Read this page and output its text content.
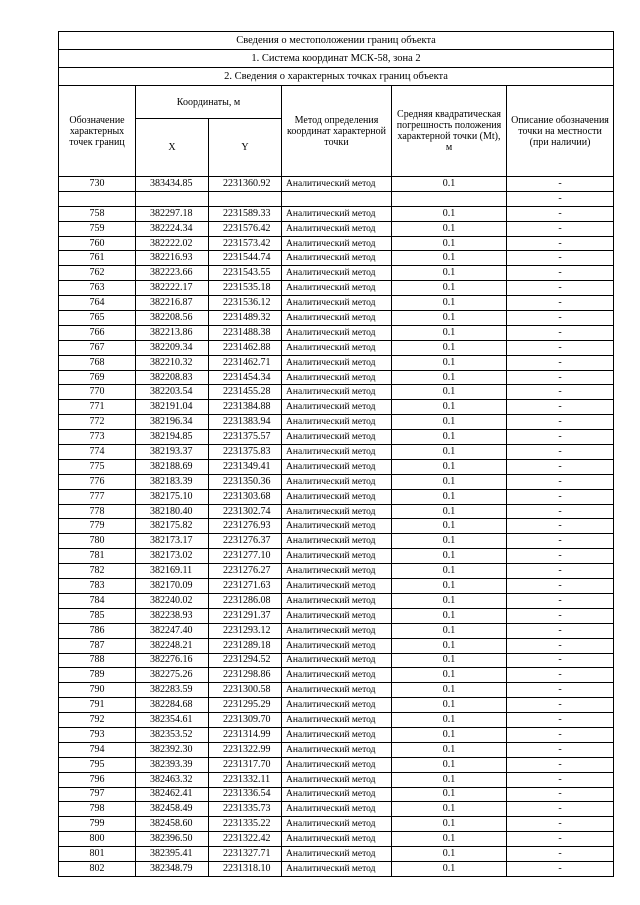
Сведения о местоположении границ объекта					
1. Система координат МСК-58, зона 2					
2. Сведения о характерных точках границ объекта					
Обозначение характерных точек границ	Координаты, м		Метод определения координат характерной точки	Средняя квадратическая погрешность положения характерной точки (Mt), м	Описание обозначения точки на местности (при наличии)
	X	Y			
730	383434.85	2231360.92	Аналитический метод	0.1	-
					-
758	382297.18	2231589.33	Аналитический метод	0.1	-
759	382224.34	2231576.42	Аналитический метод	0.1	-
760	382222.02	2231573.42	Аналитический метод	0.1	-
761	382216.93	2231544.74	Аналитический метод	0.1	-
762	382223.66	2231543.55	Аналитический метод	0.1	-
763	382222.17	2231535.18	Аналитический метод	0.1	-
764	382216.87	2231536.12	Аналитический метод	0.1	-
765	382208.56	2231489.32	Аналитический метод	0.1	-
766	382213.86	2231488.38	Аналитический метод	0.1	-
767	382209.34	2231462.88	Аналитический метод	0.1	-
768	382210.32	2231462.71	Аналитический метод	0.1	-
769	382208.83	2231454.34	Аналитический метод	0.1	-
770	382203.54	2231455.28	Аналитический метод	0.1	-
771	382191.04	2231384.88	Аналитический метод	0.1	-
772	382196.34	2231383.94	Аналитический метод	0.1	-
773	382194.85	2231375.57	Аналитический метод	0.1	-
774	382193.37	2231375.83	Аналитический метод	0.1	-
775	382188.69	2231349.41	Аналитический метод	0.1	-
776	382183.39	2231350.36	Аналитический метод	0.1	-
777	382175.10	2231303.68	Аналитический метод	0.1	-
778	382180.40	2231302.74	Аналитический метод	0.1	-
779	382175.82	2231276.93	Аналитический метод	0.1	-
780	382173.17	2231276.37	Аналитический метод	0.1	-
781	382173.02	2231277.10	Аналитический метод	0.1	-
782	382169.11	2231276.27	Аналитический метод	0.1	-
783	382170.09	2231271.63	Аналитический метод	0.1	-
784	382240.02	2231286.08	Аналитический метод	0.1	-
785	382238.93	2231291.37	Аналитический метод	0.1	-
786	382247.40	2231293.12	Аналитический метод	0.1	-
787	382248.21	2231289.18	Аналитический метод	0.1	-
788	382276.16	2231294.52	Аналитический метод	0.1	-
789	382275.26	2231298.86	Аналитический метод	0.1	-
790	382283.59	2231300.58	Аналитический метод	0.1	-
791	382284.68	2231295.29	Аналитический метод	0.1	-
792	382354.61	2231309.70	Аналитический метод	0.1	-
793	382353.52	2231314.99	Аналитический метод	0.1	-
794	382392.30	2231322.99	Аналитический метод	0.1	-
795	382393.39	2231317.70	Аналитический метод	0.1	-
796	382463.32	2231332.11	Аналитический метод	0.1	-
797	382462.41	2231336.54	Аналитический метод	0.1	-
798	382458.49	2231335.73	Аналитический метод	0.1	-
799	382458.60	2231335.22	Аналитический метод	0.1	-
800	382396.50	2231322.42	Аналитический метод	0.1	-
801	382395.41	2231327.71	Аналитический метод	0.1	-
802	382348.79	2231318.10	Аналитический метод	0.1	-
